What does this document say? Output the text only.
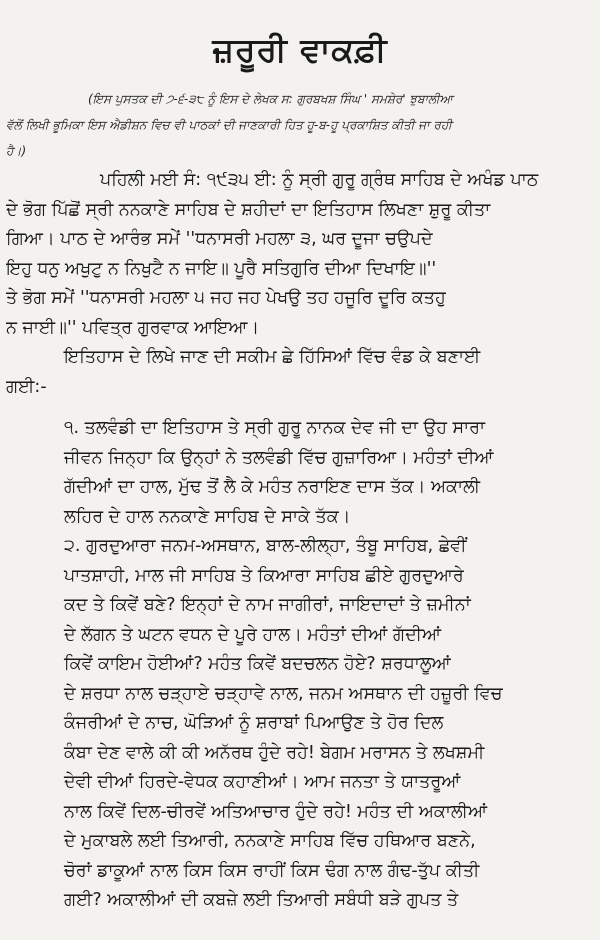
ਜ਼ਰੂਰੀ ਵਾਕਫ਼ੀ
(ਇਸ ਪੁਸਤਕ ਦੀ ੭-੬-੩੮ ਨੂੰ ਇਸ ਦੇ ਲੇਖਕ ਸ: ਗੁਰਬਖਸ਼ ਸਿੰਘ ' ਸਮਸ਼ੇਰ' ਝੁਬਾਲੀਆ
ਵੱਲੋਂ ਲਿਖੀ ਭੂਮਿਕਾ ਇਸ ਐਡੀਸ਼ਨ ਵਿਚ ਵੀ ਪਾਠਕਾਂ ਦੀ ਜਾਣਕਾਰੀ ਹਿਤ ਹੂ-ਬ-ਹੂ ਪ੍ਰਕਾਸ਼ਿਤ ਕੀਤੀ ਜਾ ਰਹੀ
ਹੈ।)
ਪਹਿਲੀ ਮਈ ਸੰ: ੧੯੩੫ ਈ: ਨੂੰ ਸ੍ਰੀ ਗੁਰੂ ਗ੍ਰੰਥ ਸਾਹਿਬ ਦੇ ਅਖੰਡ ਪਾਠ
ਦੇ ਭੋਗ ਪਿੱਛੋਂ ਸ੍ਰੀ ਨਨਕਾਣੇ ਸਾਹਿਬ ਦੇ ਸ਼ਹੀਦਾਂ ਦਾ ਇਤਿਹਾਸ ਲਿਖਣਾ ਸ਼ੁਰੂ ਕੀਤਾ
ਗਿਆ। ਪਾਠ ਦੇ ਆਰੰਭ ਸਮੇਂ ''ਧਨਾਸਰੀ ਮਹਲਾ ੩, ਘਰ ਦੂਜਾ ਚਉਪਦੇ
ਇਹੁ ਧਨੁ ਅਖੁਟੁ ਨ ਨਿਖੁਟੈ ਨ ਜਾਇ॥ ਪੂਰੈ ਸਤਿਗੁਰਿ ਦੀਆ ਦਿਖਾਇ॥''
ਤੇ ਭੋਗ ਸਮੇਂ ''ਧਨਾਸਰੀ ਮਹਲਾ ੫ ਜਹ ਜਹ ਪੇਖਉ ਤਹ ਹਜੂਰਿ ਦੂਰਿ ਕਤਹੁ
ਨ ਜਾਈ॥'' ਪਵਿਤ੍ਰ ਗੁਰਵਾਕ ਆਇਆ।
ਇਤਿਹਾਸ ਦੇ ਲਿਖੇ ਜਾਣ ਦੀ ਸਕੀਮ ਛੇ ਹਿੱਸਿਆਂ ਵਿੱਚ ਵੰਡ ਕੇ ਬਣਾਈ
ਗਈ:-
੧. ਤਲਵੰਡੀ ਦਾ ਇਤਿਹਾਸ ਤੇ ਸ੍ਰੀ ਗੁਰੂ ਨਾਨਕ ਦੇਵ ਜੀ ਦਾ ਉਹ ਸਾਰਾ
ਜੀਵਨ ਜਿਨ੍ਹਾ ਕਿ ਉਨ੍ਹਾਂ ਨੇ ਤਲਵੰਡੀ ਵਿੱਚ ਗੁਜ਼ਾਰਿਆ। ਮਹੰਤਾਂ ਦੀਆਂ
ਗੱਦੀਆਂ ਦਾ ਹਾਲ, ਮੁੱਢ ਤੋਂ ਲੈ ਕੇ ਮਹੰਤ ਨਰਾਇਣ ਦਾਸ ਤੱਕ। ਅਕਾਲੀ
ਲਹਿਰ ਦੇ ਹਾਲ ਨਨਕਾਣੇ ਸਾਹਿਬ ਦੇ ਸਾਕੇ ਤੱਕ।
੨. ਗੁਰਦੁਆਰਾ ਜਨਮ-ਅਸਥਾਨ, ਬਾਲ-ਲੀਲ੍ਹਾ, ਤੰਬੂ ਸਾਹਿਬ, ਛੇਵੀਂ
ਪਾਤਸ਼ਾਹੀ, ਮਾਲ ਜੀ ਸਾਹਿਬ ਤੇ ਕਿਆਰਾ ਸਾਹਿਬ ਛੀਏ ਗੁਰਦੁਆਰੇ
ਕਦ ਤੇ ਕਿਵੇਂ ਬਣੇ? ਇਨ੍ਹਾਂ ਦੇ ਨਾਮ ਜਾਗੀਰਾਂ, ਜਾਇਦਾਦਾਂ ਤੇ ਜ਼ਮੀਨਾਂ
ਦੇ ਲੱਗਨ ਤੇ ਘਟਨ ਵਧਨ ਦੇ ਪੂਰੇ ਹਾਲ। ਮਹੰਤਾਂ ਦੀਆਂ ਗੱਦੀਆਂ
ਕਿਵੇਂ ਕਾਇਮ ਹੋਈਆਂ? ਮਹੰਤ ਕਿਵੇਂ ਬਦਚਲਨ ਹੋਏ? ਸ਼ਰਧਾਲੂਆਂ
ਦੇ ਸ਼ਰਧਾ ਨਾਲ ਚੜ੍ਹਾਏ ਚੜ੍ਹਾਵੇ ਨਾਲ, ਜਨਮ ਅਸਥਾਨ ਦੀ ਹਜ਼ੂਰੀ ਵਿਚ
ਕੰਜਰੀਆਂ ਦੇ ਨਾਚ, ਘੋੜਿਆਂ ਨੂੰ ਸ਼ਰਾਬਾਂ ਪਿਆਉਣ ਤੇ ਹੋਰ ਦਿਲ
ਕੰਬਾ ਦੇਣ ਵਾਲੇ ਕੀ ਕੀ ਅਨੱਰਥ ਹੁੰਦੇ ਰਹੇ! ਬੇਗਮ ਮਰਾਸਨ ਤੇ ਲਖਸ਼ਮੀ
ਦੇਵੀ ਦੀਆਂ ਹਿਰਦੇ-ਵੇਧਕ ਕਹਾਣੀਆਂ। ਆਮ ਜਨਤਾ ਤੇ ਯਾਤਰੂਆਂ
ਨਾਲ ਕਿਵੇਂ ਦਿਲ-ਚੀਰਵੇਂ ਅਤਿਆਚਾਰ ਹੁੰਦੇ ਰਹੇ! ਮਹੰਤ ਦੀ ਅਕਾਲੀਆਂ
ਦੇ ਮੁਕਾਬਲੇ ਲਈ ਤਿਆਰੀ, ਨਨਕਾਣੇ ਸਾਹਿਬ ਵਿੱਚ ਹਥਿਆਰ ਬਣਨੇ,
ਚੋਰਾਂ ਡਾਕੂਆਂ ਨਾਲ ਕਿਸ ਕਿਸ ਰਾਹੀਂ ਕਿਸ ਢੰਗ ਨਾਲ ਗੰਢ-ਤੁੱਪ ਕੀਤੀ
ਗਈ? ਅਕਾਲੀਆਂ ਦੀ ਕਬਜ਼ੇ ਲਈ ਤਿਆਰੀ ਸਬੰਧੀ ਬੜੇ ਗੁਪਤ ਤੇ
